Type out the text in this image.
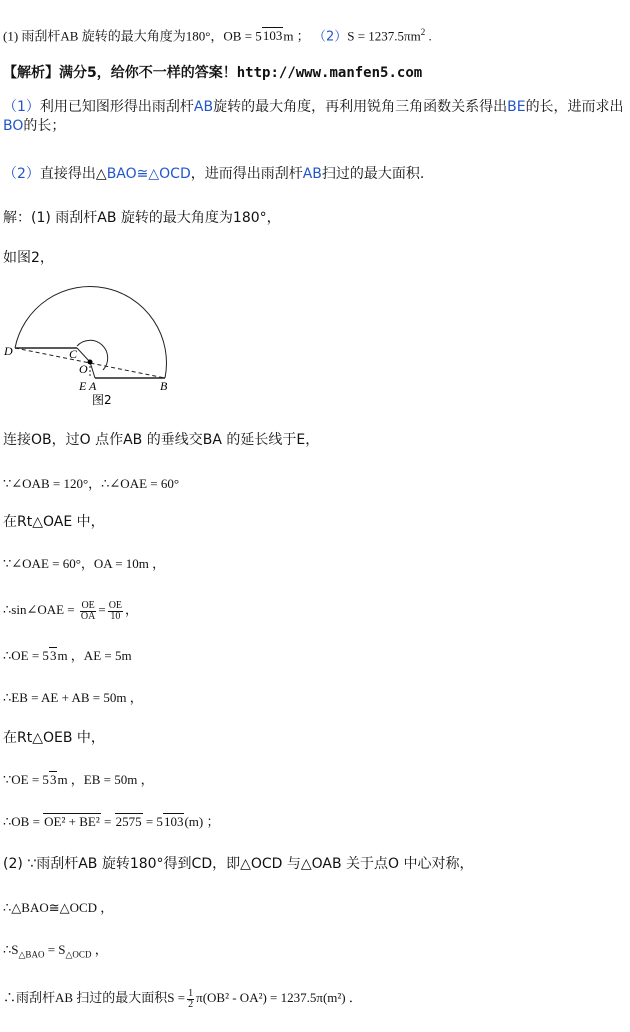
(1) 雨刮杆AB 旋转的最大角度为180°，OB = 5103m ； $(2)S = 1237.5\pi m^2$ .
【解析】满分5，给你不一样的答案！http://www.manfen5.com
（1）利用已知图形得出雨刮杆AB旋转的最大角度，再利用锐角三角函数关系得出BE的长，进而求出BO的长；
（2）直接得出△BAO≅△OCD，进而得出雨刮杆AB扫过的最大面积.
解：(1) 雨刮杆AB 旋转的最大角度为180°，
如图2，
D	C
O
E A	B
图2
连接OB，过O 点作AB 的垂线交BA 的延长线于E，
∵∠OAB = 120°，∴∠OAE = 60°
在Rt△OAE 中，
∵∠OAE = 60°，OA = 10m ，
∴sin∠OAE = $\frac{OE}{OA} = \frac{OE}{10}$ ，
∴OE = 53m ，AE = 5m
∴EB = AE + AB = 50m ，
在Rt△OEB 中，
∵OE = 53m ，EB = 50m ，
∴OB = OE² + BE² = 2575 = 5103(m) ；
(2) ∵雨刮杆AB 旋转180°得到CD，即△OCD 与△OAB 关于点O 中心对称，
∴△BAO≅△OCD ，
$\therefore S_{\triangle BAO} = S_{\triangle OCD}$ ，
∴雨刮杆AB 扫过的最大面积$S = \frac{1}{2} \pi(OB^2 - OA^2) = 1237.5\pi(m^2)$ ．
